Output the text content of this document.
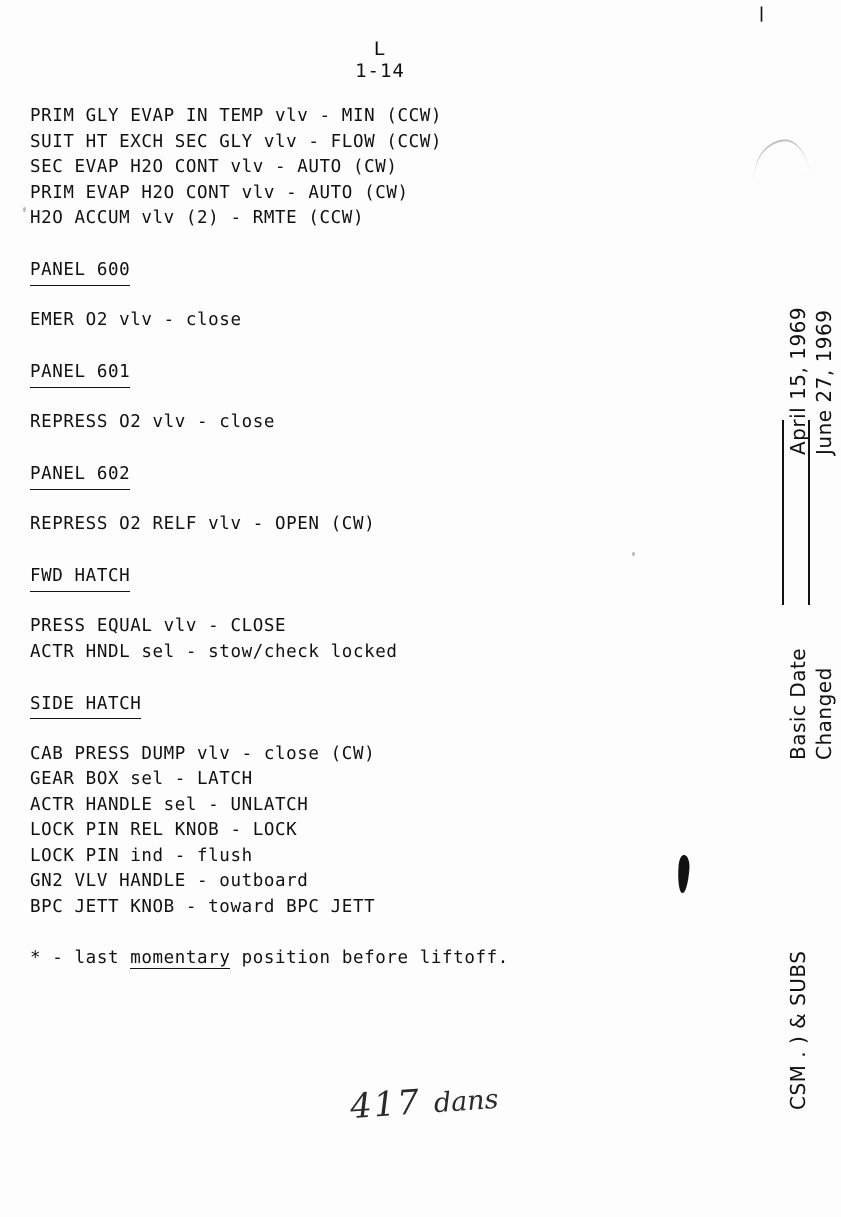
|
L
1-14
PRIM GLY EVAP IN TEMP vlv - MIN (CCW)
SUIT HT EXCH SEC GLY vlv - FLOW (CCW)
SEC EVAP H2O CONT vlv - AUTO (CW)
PRIM EVAP H2O CONT vlv - AUTO (CW)
H2O ACCUM vlv (2) - RMTE (CCW)
PANEL 600
EMER O2 vlv - close
PANEL 601
REPRESS O2 vlv - close
PANEL 602
REPRESS O2 RELF vlv - OPEN (CW)
FWD HATCH
PRESS EQUAL vlv - CLOSE
ACTR HNDL sel - stow/check locked
SIDE HATCH
CAB PRESS DUMP vlv - close (CW)
GEAR BOX sel - LATCH
ACTR HANDLE sel - UNLATCH
LOCK PIN REL KNOB - LOCK
LOCK PIN ind - flush
GN2 VLV HANDLE - outboard
BPC JETT KNOB - toward BPC JETT
* - last momentary position before liftoff.
Basic Date Changed
April 15, 1969 June 27, 1969
CSM . ) & SUBS
417 dans
